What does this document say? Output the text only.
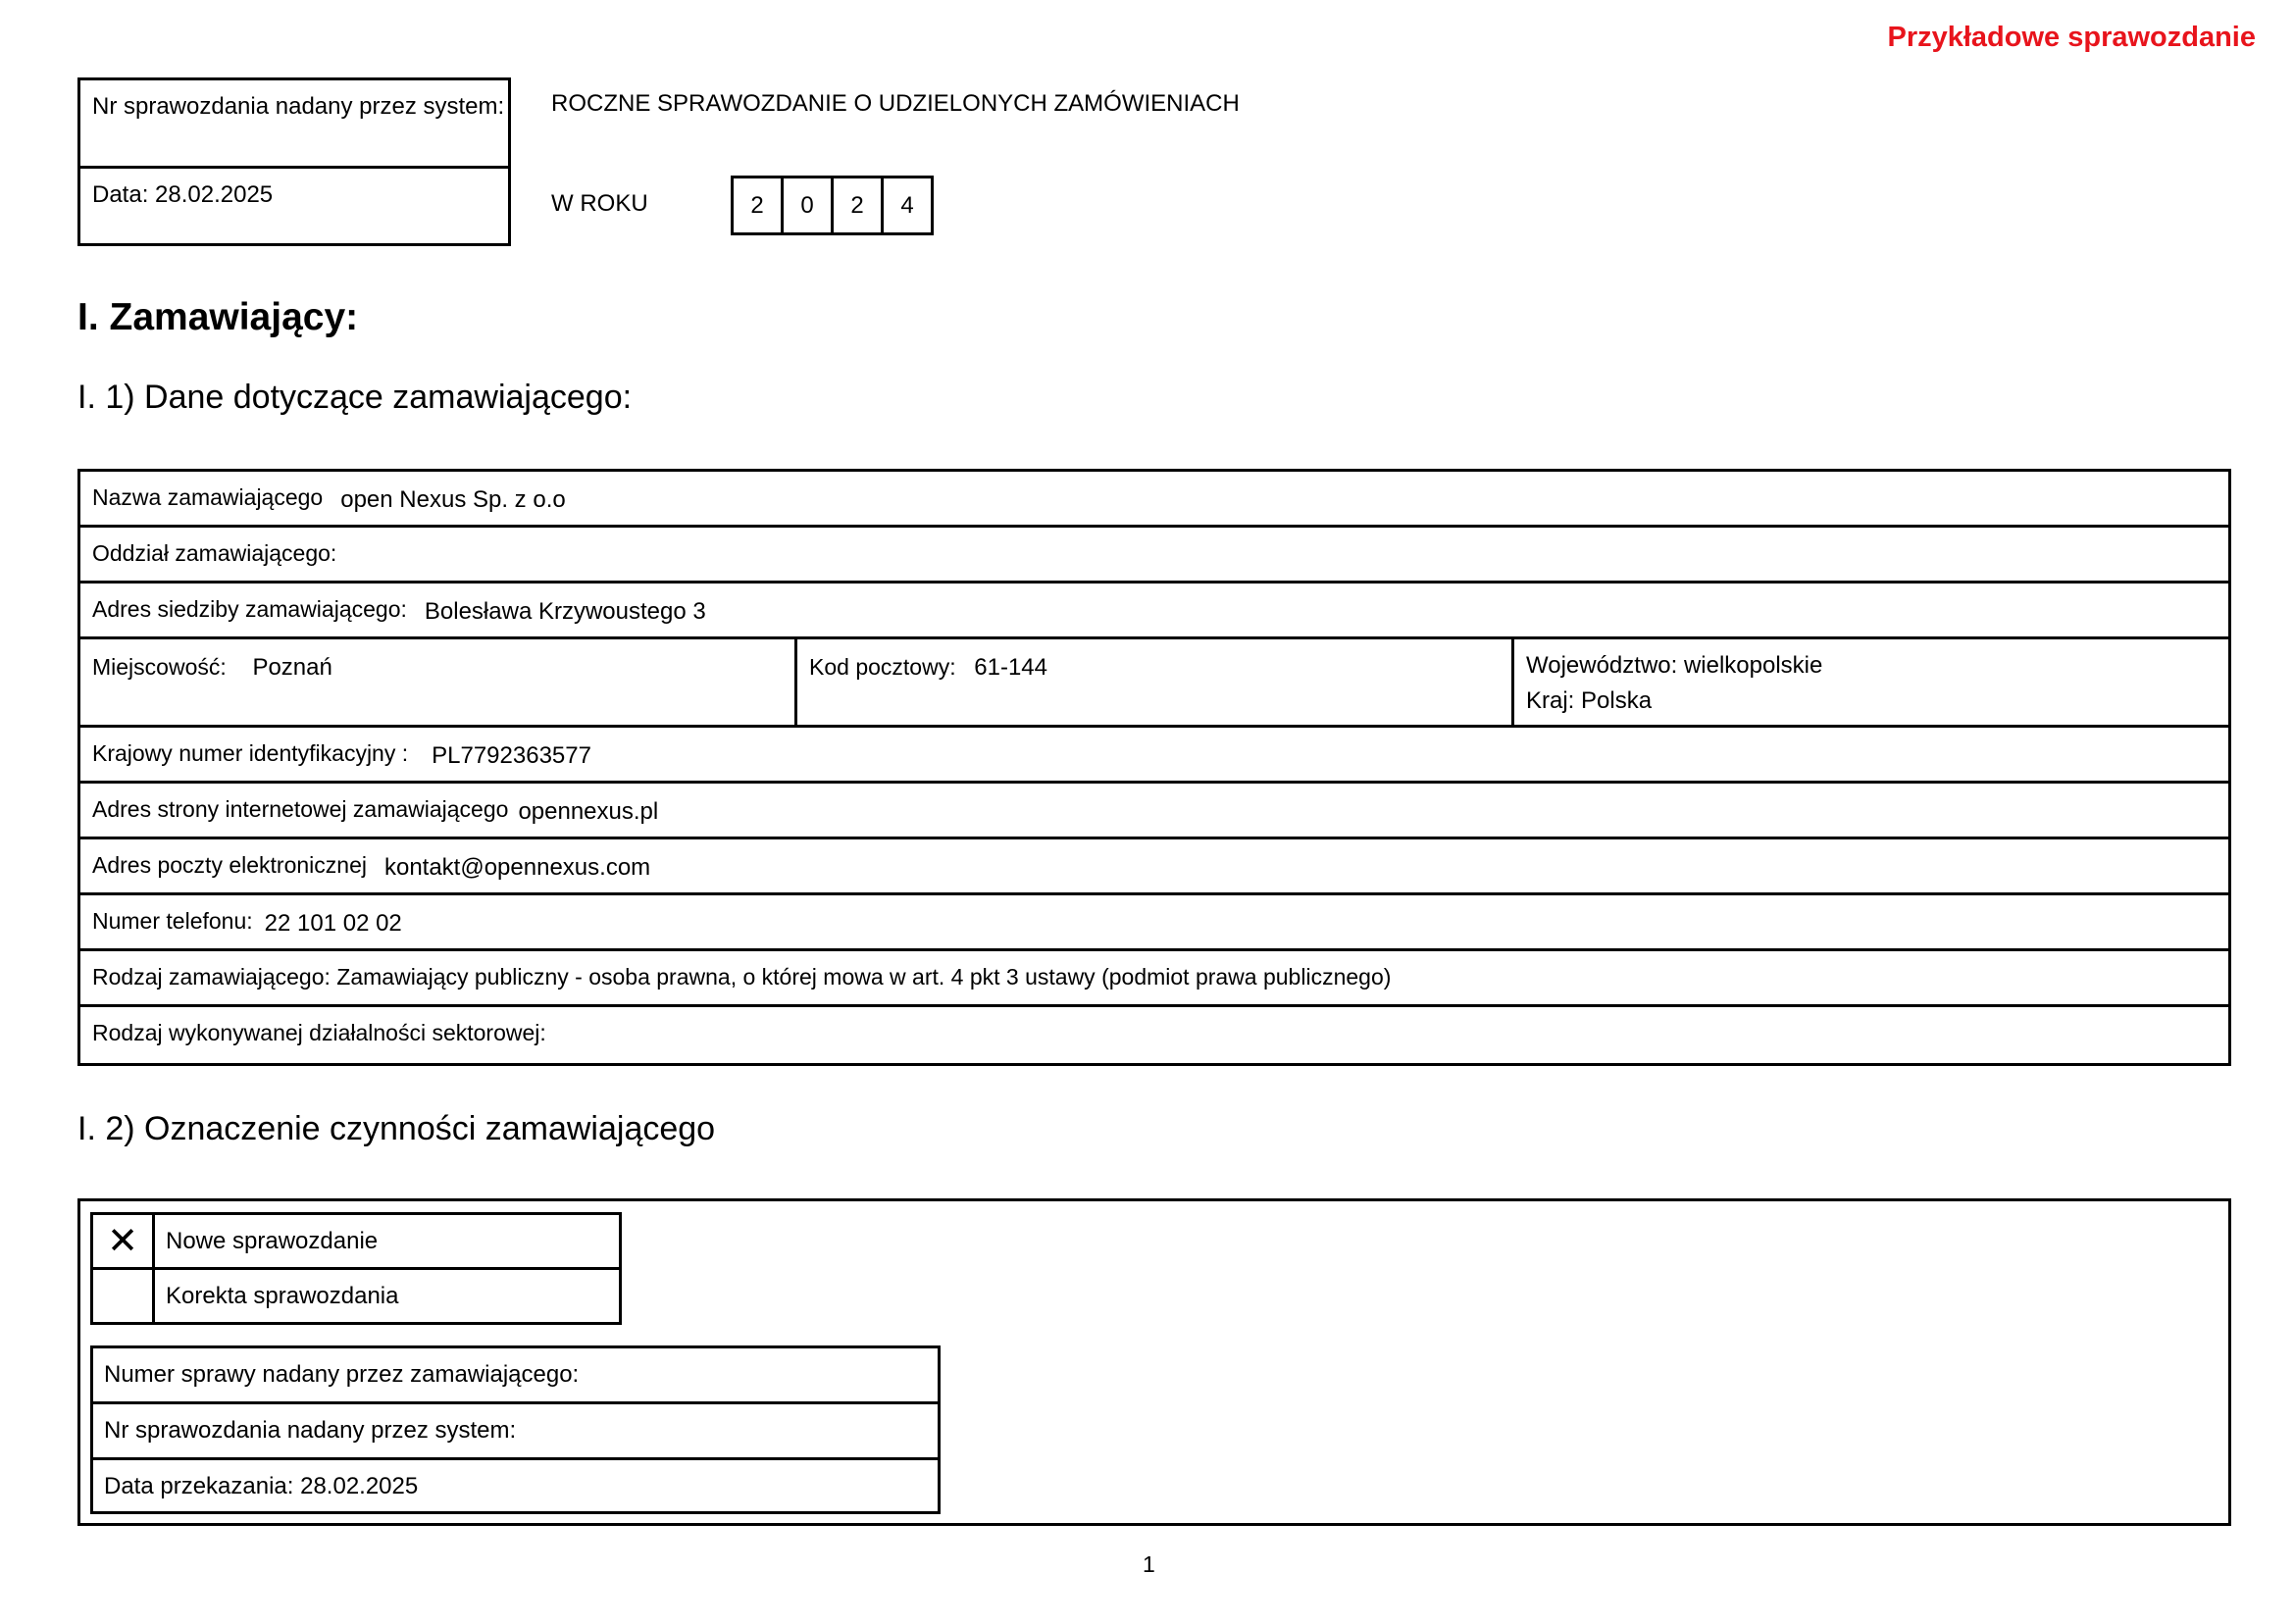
Przykładowe sprawozdanie
Nr sprawozdania nadany przez system:
Data: 28.02.2025
ROCZNE SPRAWOZDANIE O UDZIELONYCH ZAMÓWIENIACH
W ROKU	2	0	2	4
I. Zamawiający:
I. 1) Dane dotyczące zamawiającego:
Nazwa zamawiającego open Nexus Sp. z o.o
Oddział zamawiającego:
Adres siedziby zamawiającego: Bolesława Krzywoustego 3
Miejscowość: Poznań	Kod pocztowy: 61-144	Województwo: wielkopolskie
Kraj: Polska
Krajowy numer identyfikacyjny : PL7792363577
Adres strony internetowej zamawiającego opennexus.pl
Adres poczty elektronicznej kontakt@opennexus.com
Numer telefonu: 22 101 02 02
Rodzaj zamawiającego: Zamawiający publiczny - osoba prawna, o której mowa w art. 4 pkt 3 ustawy (podmiot prawa publicznego)
Rodzaj wykonywanej działalności sektorowej:
I. 2) Oznaczenie czynności zamawiającego
✕	Nowe sprawozdanie
Korekta sprawozdania
Numer sprawy nadany przez zamawiającego:
Nr sprawozdania nadany przez system:
Data przekazania: 28.02.2025
1
